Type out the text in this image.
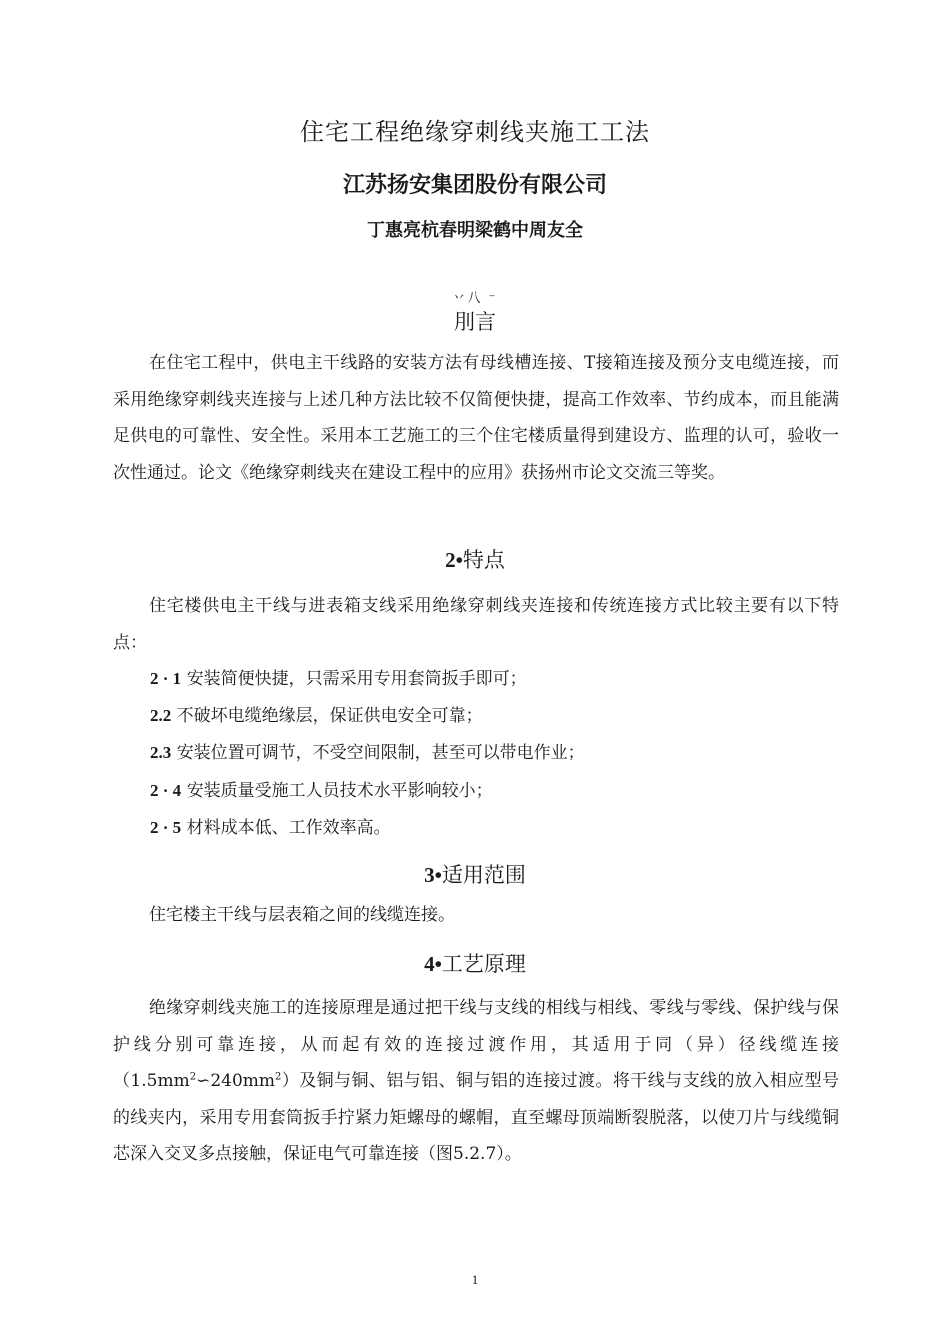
住宅工程绝缘穿刺线夹施工工法
江苏扬安集团股份有限公司
丁惠亮杭春明梁鹤中周友全
丷八 ⁻
刖言
在住宅工程中，供电主干线路的安装方法有母线槽连接、T接箱连接及预分支电缆连接，而采用绝缘穿刺线夹连接与上述几种方法比较不仅简便快捷，提高工作效率、节约成本，而且能满足供电的可靠性、安全性。采用本工艺施工的三个住宅楼质量得到建设方、监理的认可，验收一次性通过。论文《绝缘穿刺线夹在建设工程中的应用》获扬州市论文交流三等奖。
2•特点
住宅楼供电主干线与进表箱支线采用绝缘穿刺线夹连接和传统连接方式比较主要有以下特点：
2 · 1 安装简便快捷，只需采用专用套筒扳手即可；
2.2 不破坏电缆绝缘层，保证供电安全可靠；
2.3 安装位置可调节，不受空间限制，甚至可以带电作业；
2 · 4 安装质量受施工人员技术水平影响较小；
2 · 5 材料成本低、工作效率高。
3•适用范围
住宅楼主干线与层表箱之间的线缆连接。
4•工艺原理
绝缘穿刺线夹施工的连接原理是通过把干线与支线的相线与相线、零线与零线、保护线与保护线分别可靠连接，从而起有效的连接过渡作用，其适用于同（异）径线缆连接$(1.5mm^2∽240mm^2)$及铜与铜、铝与铝、铜与铝的连接过渡。将干线与支线的放入相应型号的线夹内，采用专用套筒扳手拧紧力矩螺母的螺帽，直至螺母顶端断裂脱落，以使刀片与线缆铜芯深入交叉多点接触，保证电气可靠连接（图5.2.7）。
1
